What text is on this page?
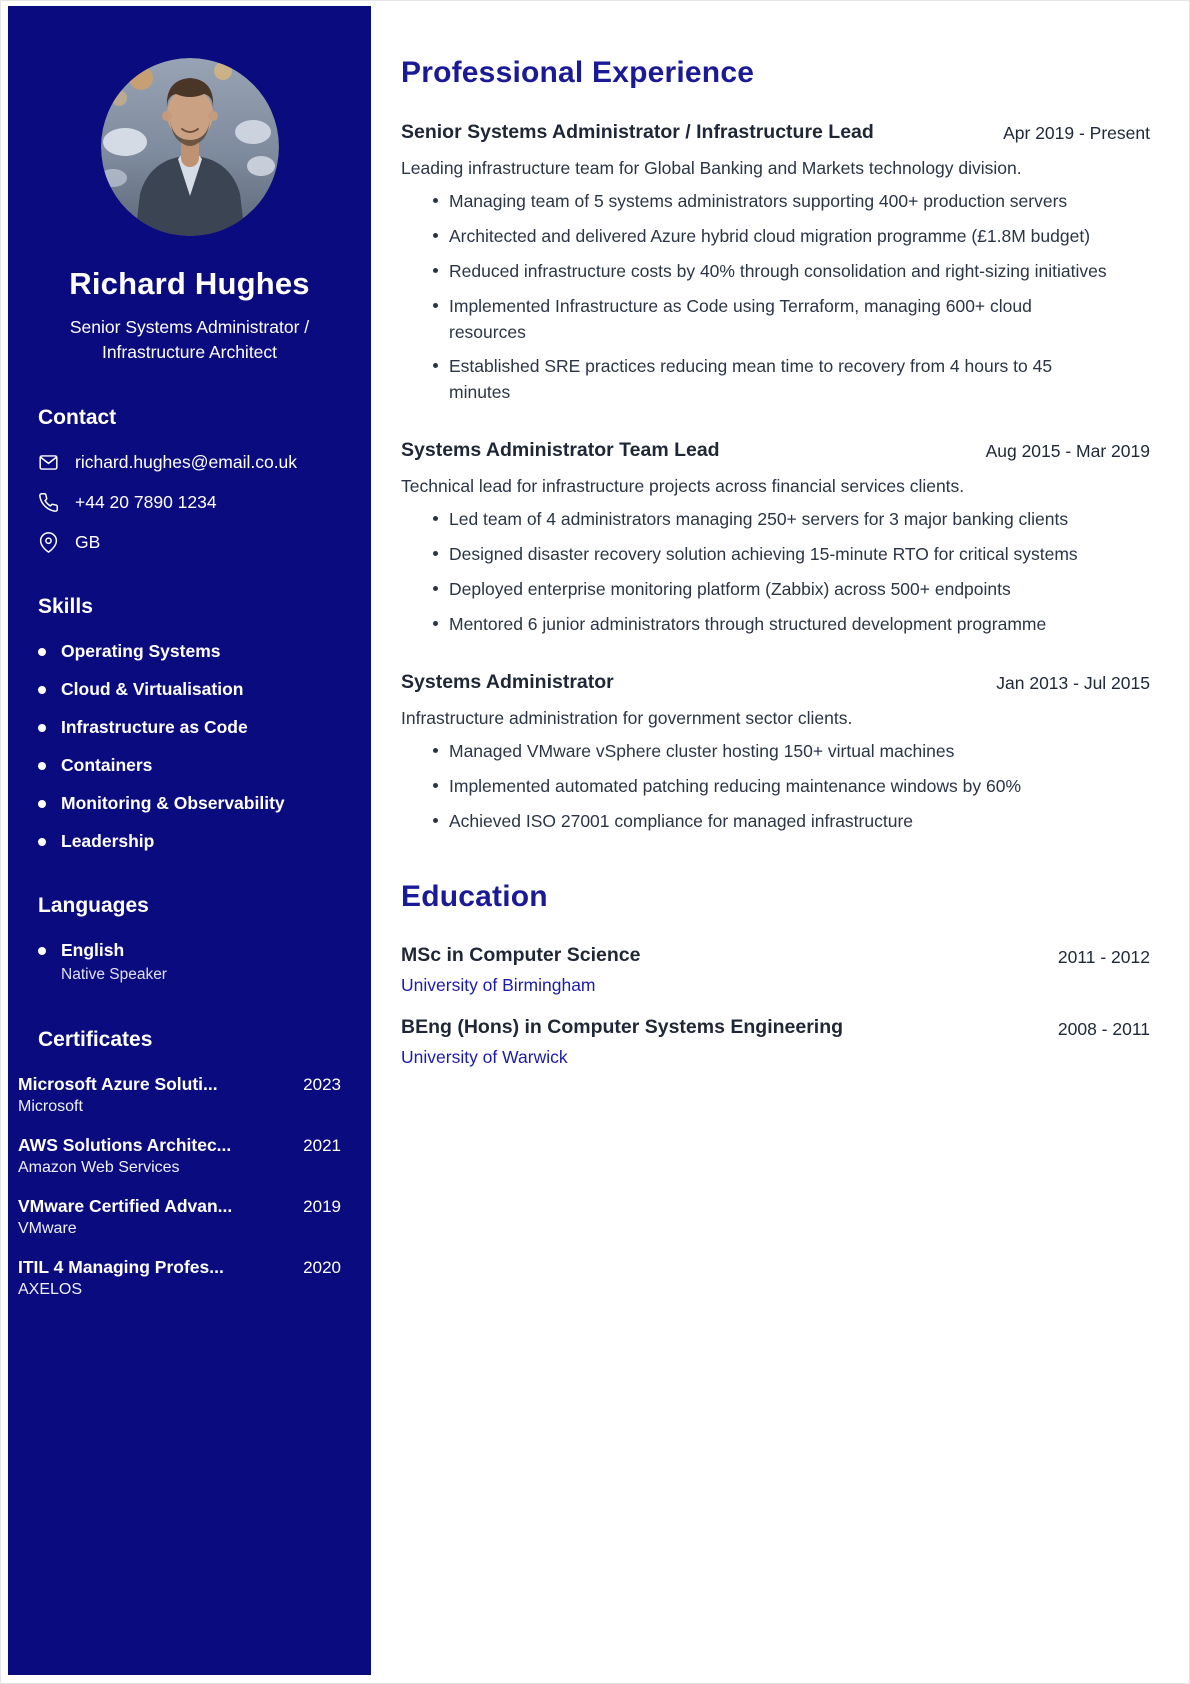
Richard Hughes
Senior Systems Administrator / Infrastructure Architect
Contact
richard.hughes@email.co.uk
+44 20 7890 1234
GB
Skills
Operating Systems
Cloud & Virtualisation
Infrastructure as Code
Containers
Monitoring & Observability
Leadership
Languages
English
Native Speaker
Certificates
Microsoft Azure Soluti...	2023
Microsoft
AWS Solutions Architec...	2021
Amazon Web Services
VMware Certified Advan...	2019
VMware
ITIL 4 Managing Profes...	2020
AXELOS
Professional Experience
Senior Systems Administrator / Infrastructure Lead	Apr 2019 - Present

Leading infrastructure team for Global Banking and Markets technology division.

Managing team of 5 systems administrators supporting 400+ production servers
Architected and delivered Azure hybrid cloud migration programme (£1.8M budget)
Reduced infrastructure costs by 40% through consolidation and right-sizing initiatives
Implemented Infrastructure as Code using Terraform, managing 600+ cloud resources
Established SRE practices reducing mean time to recovery from 4 hours to 45 minutes
Systems Administrator Team Lead	Aug 2015 - Mar 2019

Technical lead for infrastructure projects across financial services clients.

Led team of 4 administrators managing 250+ servers for 3 major banking clients
Designed disaster recovery solution achieving 15-minute RTO for critical systems
Deployed enterprise monitoring platform (Zabbix) across 500+ endpoints
Mentored 6 junior administrators through structured development programme
Systems Administrator	Jan 2013 - Jul 2015

Infrastructure administration for government sector clients.

Managed VMware vSphere cluster hosting 150+ virtual machines
Implemented automated patching reducing maintenance windows by 60%
Achieved ISO 27001 compliance for managed infrastructure
Education
MSc in Computer Science
University of Birmingham
2011 - 2012
BEng (Hons) in Computer Systems Engineering
University of Warwick
2008 - 2011
